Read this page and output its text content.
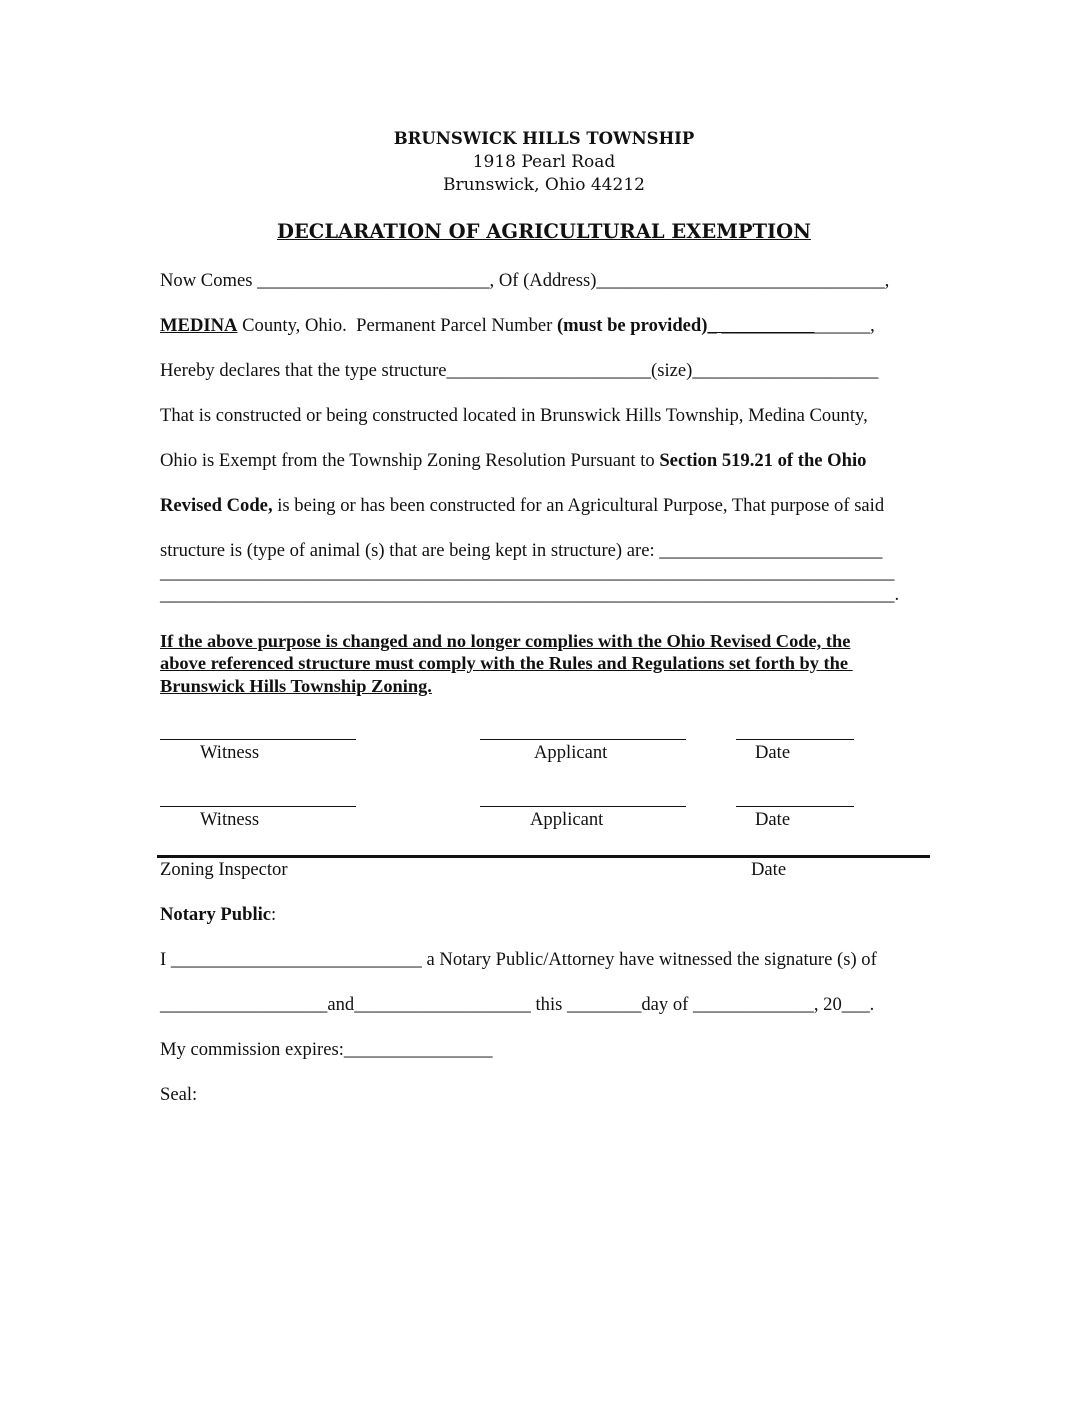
BRUNSWICK HILLS TOWNSHIP
1918 Pearl Road
Brunswick, Ohio 44212
DECLARATION OF AGRICULTURAL EXEMPTION
Now Comes _________________________, Of (Address)_______________________________,
MEDINA County, Ohio.  Permanent Parcel Number (must be provided)_ ________________,
Hereby declares that the type structure______________________(size)____________________
That is constructed or being constructed located in Brunswick Hills Township, Medina County,
Ohio is Exempt from the Township Zoning Resolution Pursuant to Section 519.21 of the Ohio
Revised Code, is being or has been constructed for an Agricultural Purpose, That purpose of said
structure is (type of animal (s) that are being kept in structure) are: ________________________
_______________________________________________________________________________
_______________________________________________________________________________.
If the above purpose is changed and no longer complies with the Ohio Revised Code, the
above referenced structure must comply with the Rules and Regulations set forth by the
Brunswick Hills Township Zoning.
Witness	Applicant	Date
Witness	Applicant	Date
Zoning Inspector	Date
Notary Public:
I ___________________________ a Notary Public/Attorney have witnessed the signature (s) of
__________________and___________________ this ________day of _____________, 20___.
My commission expires:________________
Seal:
